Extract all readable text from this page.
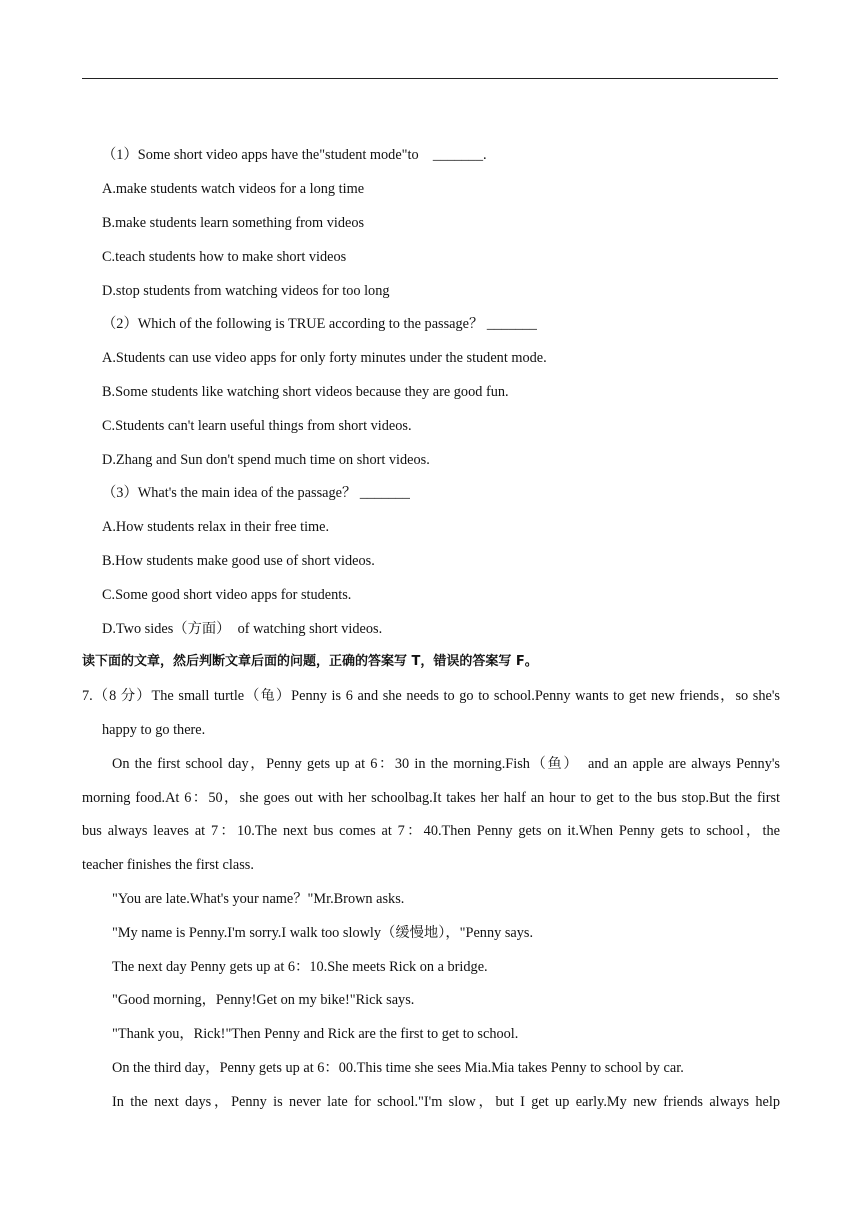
（1）Some short video apps have the"student mode"to　_______.
A.make students watch videos for a long time
B.make students learn something from videos
C.teach students how to make short videos
D.stop students from watching videos for too long
（2）Which of the following is TRUE according to the passage？ _______
A.Students can use video apps for only forty minutes under the student mode.
B.Some students like watching short videos because they are good fun.
C.Students can't learn useful things from short videos.
D.Zhang and Sun don't spend much time on short videos.
（3）What's the main idea of the passage？ _______
A.How students relax in their free time.
B.How students make good use of short videos.
C.Some good short video apps for students.
D.Two sides（方面）　of watching short videos.
读下面的文章，然后判断文章后面的问题，正确的答案写 T，错误的答案写 F。
7.（8 分）The small turtle（龟）Penny is 6 and she needs to go to school.Penny wants to get new friends，so she's
happy to go there.
On the first school day，Penny gets up at 6：30 in the morning.Fish（鱼）　and an apple are always Penny's
morning food.At 6：50，she goes out with her schoolbag.It takes her half an hour to get to the bus stop.But the first
bus always leaves at 7：10.The next bus comes at 7：40.Then Penny gets on it.When Penny gets to school，the
teacher finishes the first class.
"You are late.What's your name？"Mr.Brown asks.
"My name is Penny.I'm sorry.I walk too slowly（缓慢地），"Penny says.
The next day Penny gets up at 6：10.She meets Rick on a bridge.
"Good morning，Penny!Get on my bike!"Rick says.
"Thank you，Rick!"Then Penny and Rick are the first to get to school.
On the third day，Penny gets up at 6：00.This time she sees Mia.Mia takes Penny to school by car.
In the next days，Penny is never late for school."I'm slow，but I get up early.My new friends always help
